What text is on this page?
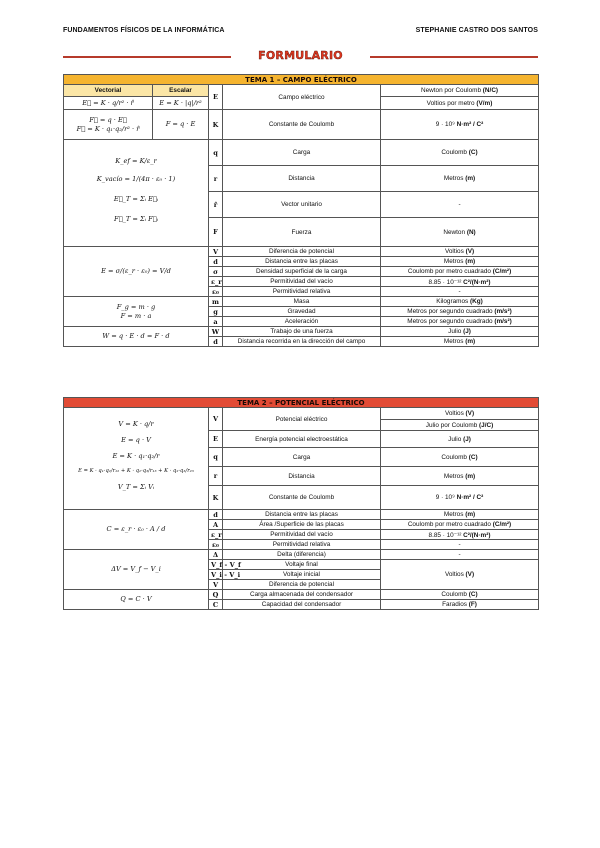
FUNDAMENTOS FÍSICOS DE LA INFORMÁTICA	STEPHANIE CASTRO DOS SANTOS
FORMULARIO
TEMA 1 – CAMPO ELÉCTRICO				
Vectorial	Escalar	E	Campo eléctrico	Newton por Coulomb (N/C)
E⃗ = K · q/r² · r̂	E = K · |q|/r²			Voltios por metro (V/m)

F⃗ = q · E⃗
F⃗ = K · q₁·q₂/r² · r̂	F = q · E	K	Constante de Coulomb	9 · 10⁹ N·m² / C²

K_ef = K/ε_r
K_vacío = 1/(4π · ε₀ · 1)
E⃗_T = Σᵢ E⃗ᵢ
F⃗_T = Σᵢ F⃗ᵢ		q	Carga	Coulomb (C)
		r	Distancia	Metros (m)
		r̂	Vector unitario	-
		F	Fuerza	Newton (N)
E = σ/(ε_r · ε₀) = V/d		V	Diferencia de potencial	Voltios (V)
		d	Distancia entre las placas	Metros (m)
		σ	Densidad superficial de la carga	Coulomb por metro cuadrado (C/m²)
		ε_r	Permitividad del vacío	8.85 · 10⁻¹² C²/(N·m²)
		ε₀	Permitividad relativa	-

F_g = m · g
F = m · a		m	Masa	Kilogramos (Kg)
		g	Gravedad	Metros por segundo cuadrado (m/s²)
		a	Aceleración	Metros por segundo cuadrado (m/s²)
W = q · E · d = F · d		W	Trabajo de una fuerza	Julio (J)
		d	Distancia recorrida en la dirección del campo	Metros (m)
TEMA 2 – POTENCIAL ELÉCTRICO			

V = K · q/r
E = q · V
E = K · q₁·q₂/r
E = K · q₁·q₂/r₁₂ + K · q₁·q₃/r₁₃ + K · q₂·q₃/r₂₃
V_T = Σᵢ Vᵢ	V	Potencial eléctrico	Voltios (V)
			Julio por Coulomb (J/C)
	E	Energía potencial electroestática	Julio (J)
	q	Carga	Coulomb (C)
	r	Distancia	Metros (m)
	K	Constante de Coulomb	9 · 10⁹ N·m² / C²

C = ε_r · ε₀ · A / d	d	Distancia entre las placas	Metros (m)
	A	Área /Superficie de las placas	Coulomb por metro cuadrado (C/m²)
	ε_r	Permitividad del vacío	8.85 · 10⁻¹² C²/(N·m²)
	ε₀	Permitividad relativa	-
ΔV = V_f − V_i	Δ	Delta (diferencia)	-
	V_f - V_f	Voltaje final	Voltios (V)
	V_i - V_i	Voltaje inicial	
	V	Diferencia de potencial	
Q = C · V	Q	Carga almacenada del condensador	Coulomb (C)
	C	Capacidad del condensador	Faradios (F)
